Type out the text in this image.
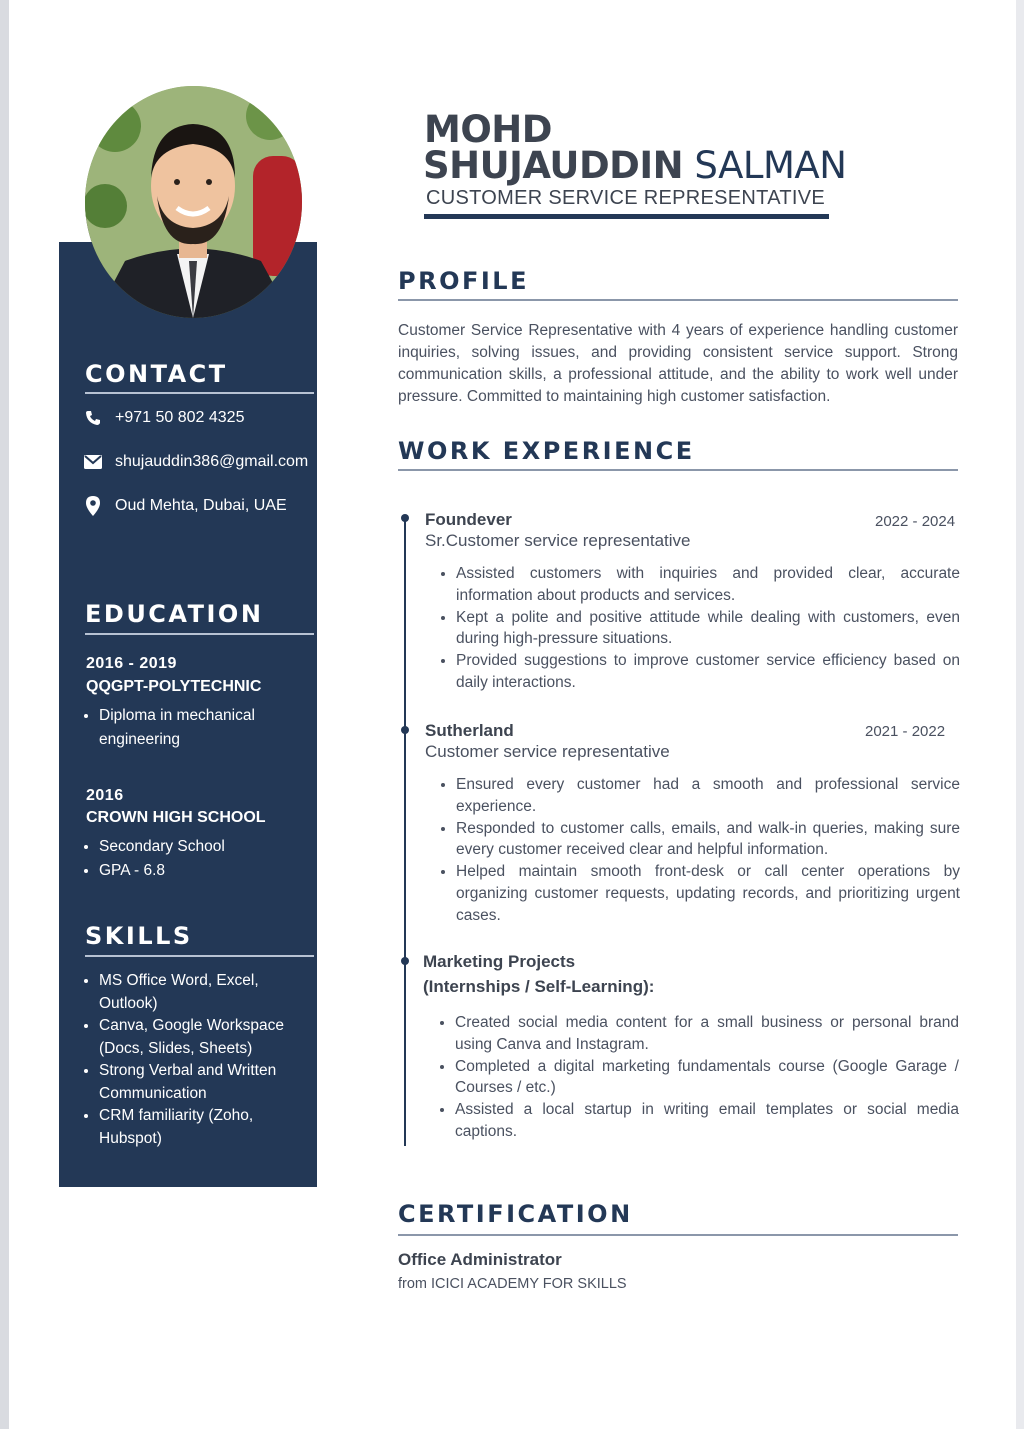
CONTACT
+971 50 802 4325
shujauddin386@gmail.com
Oud Mehta, Dubai, UAE
EDUCATION
2016 - 2019
QQGPT-POLYTECHNIC
• Diploma in mechanical engineering
2016
CROWN HIGH SCHOOL
• Secondary School
• GPA - 6.8
SKILLS
• MS Office Word, Excel, Outlook)
• Canva, Google Workspace (Docs, Slides, Sheets)
• Strong Verbal and Written Communication
• CRM familiarity (Zoho, Hubspot)
MOHD
SHUJAUDDIN SALMAN
CUSTOMER SERVICE REPRESENTATIVE
PROFILE
Customer Service Representative with 4 years of experience handling customer inquiries, solving issues, and providing consistent service support. Strong communication skills, a professional attitude, and the ability to work well under pressure. Committed to maintaining high customer satisfaction.
WORK EXPERIENCE
Foundever	2022 - 2024
Sr.Customer service representative
• Assisted customers with inquiries and provided clear, accurate information about products and services.
• Kept a polite and positive attitude while dealing with customers, even during high-pressure situations.
• Provided suggestions to improve customer service efficiency based on daily interactions.
Sutherland	2021 - 2022
Customer service representative
• Ensured every customer had a smooth and professional service experience.
• Responded to customer calls, emails, and walk-in queries, making sure every customer received clear and helpful information.
• Helped maintain smooth front-desk or call center operations by organizing customer requests, updating records, and prioritizing urgent cases.
Marketing Projects
(Internships / Self-Learning):
• Created social media content for a small business or personal brand using Canva and Instagram.
• Completed a digital marketing fundamentals course (Google Garage / Courses / etc.)
• Assisted a local startup in writing email templates or social media captions.
CERTIFICATION
Office Administrator
from ICICI ACADEMY FOR SKILLS
